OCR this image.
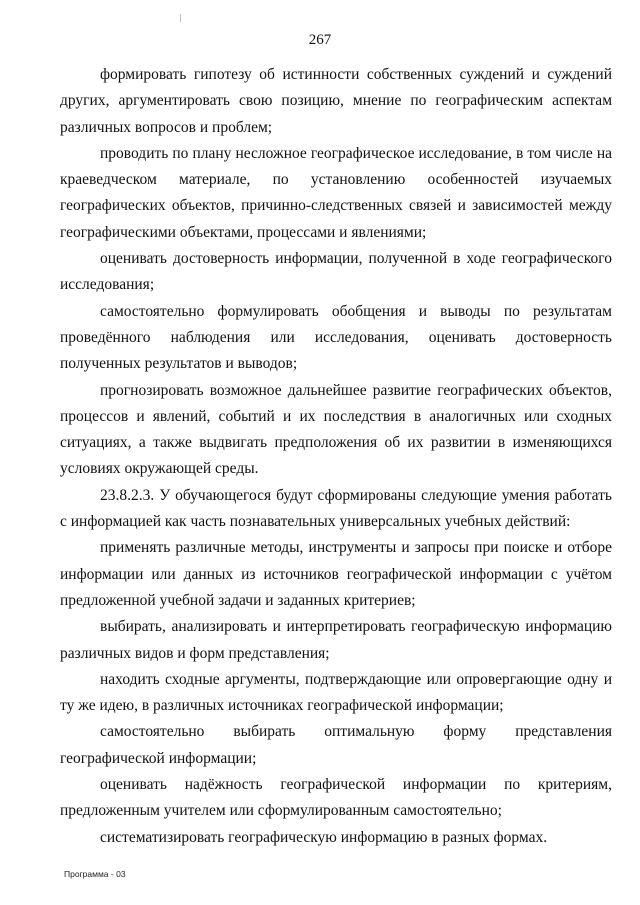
267

формировать гипотезу об истинности собственных суждений и суждений других, аргументировать свою позицию, мнение по географическим аспектам различных вопросов и проблем;

проводить по плану несложное географическое исследование, в том числе на краеведческом материале, по установлению особенностей изучаемых географических объектов, причинно-следственных связей и зависимостей между географическими объектами, процессами и явлениями;

оценивать достоверность информации, полученной в ходе географического исследования;

самостоятельно формулировать обобщения и выводы по результатам проведённого наблюдения или исследования, оценивать достоверность полученных результатов и выводов;

прогнозировать возможное дальнейшее развитие географических объектов, процессов и явлений, событий и их последствия в аналогичных или сходных ситуациях, а также выдвигать предположения об их развитии в изменяющихся условиях окружающей среды.

23.8.2.3. У обучающегося будут сформированы следующие умения работать с информацией как часть познавательных универсальных учебных действий:

применять различные методы, инструменты и запросы при поиске и отборе информации или данных из источников географической информации с учётом предложенной учебной задачи и заданных критериев;

выбирать, анализировать и интерпретировать географическую информацию различных видов и форм представления;

находить сходные аргументы, подтверждающие или опровергающие одну и ту же идею, в различных источниках географической информации;

самостоятельно выбирать оптимальную форму представления географической информации;

оценивать надёжность географической информации по критериям, предложенным учителем или сформулированным самостоятельно;

систематизировать географическую информацию в разных формах.

Программа - 03
